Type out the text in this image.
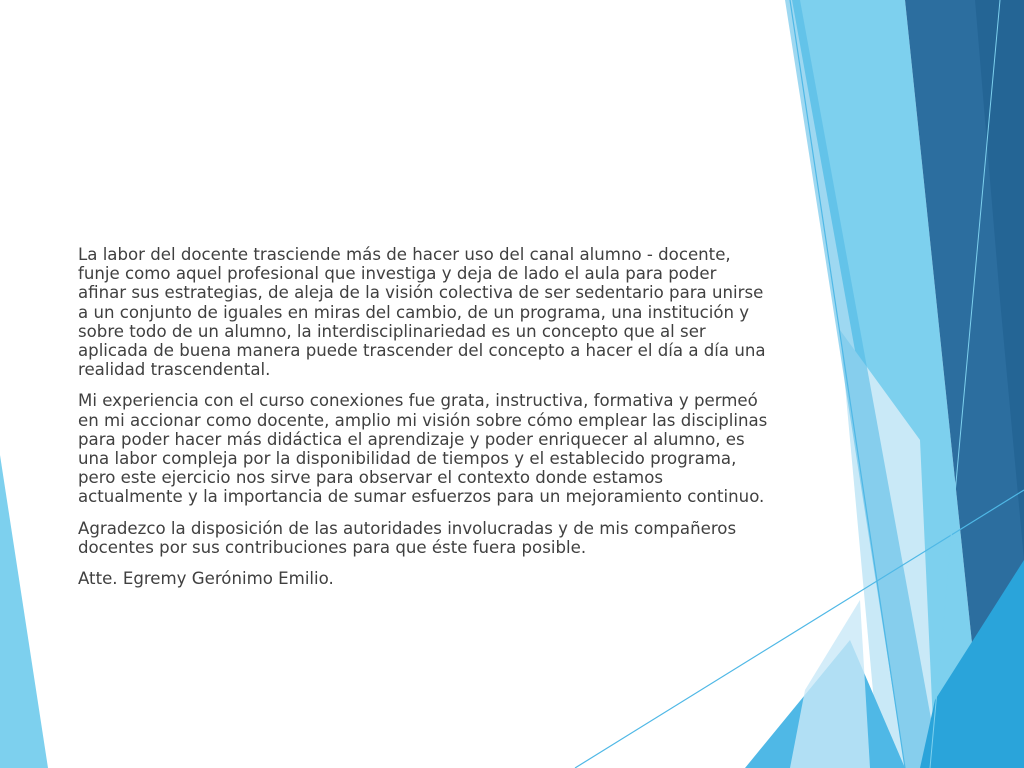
La labor del docente trasciende más de hacer uso del canal alumno - docente, funje como aquel profesional que investiga y deja de lado el aula para poder afinar sus estrategias, de aleja de la visión colectiva de ser sedentario para unirse a un conjunto de iguales en miras del cambio, de un programa, una institución y sobre todo de un alumno, la interdisciplinariedad es un concepto que al ser aplicada de buena manera puede trascender del concepto a hacer el día a día una realidad trascendental.

Mi experiencia con el curso conexiones fue grata, instructiva, formativa y permeó en mi accionar como docente, amplio mi visión sobre cómo emplear las disciplinas para poder hacer más didáctica el aprendizaje y poder enriquecer al alumno, es una labor compleja por la disponibilidad de tiempos y el establecido programa, pero este ejercicio nos sirve para observar el contexto donde estamos actualmente y la importancia de sumar esfuerzos para un mejoramiento continuo.

Agradezco la disposición de las autoridades involucradas y de mis compañeros docentes por sus contribuciones para que éste fuera posible.

Atte. Egremy Gerónimo Emilio.
